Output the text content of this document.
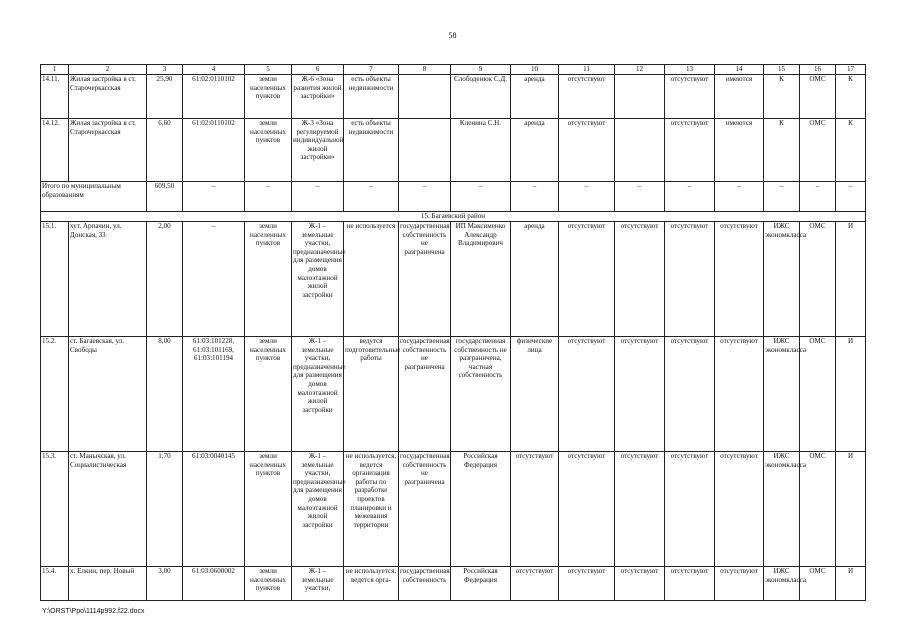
58
1	2	3	4	5	6	7	8	9	10	11	12	13	14	15	16	17
14.11.	Жилая застройка в ст. Старочеркасская	25,90	61:02:0110102	земли населенных пунктов	Ж-6 «Зона развития жилой застройки»	есть объекты недвижимости		Слободенюк С.Д.	аренда	отсутствуют		отсутствуют	имеются	К	ОМС	К
14.12.	Жилая застройка в ст. Старочеркасская	6,60	61:02:0110102	земли населенных пунктов	Ж-3 «Зона регулируемой индивидуальной жилой застройки»	есть объекты недвижимости		Кленина С.Н.	аренда	отсутствуют		отсутствуют	имеются	К	ОМС	К
Итого по муниципальным образованиям		609,50	–	–	–	–	–	–	–	–	–	–	–	–	–	–
15. Багаевский район																
15.1.	хут. Арпачин, ул. Донская, 33	2,00	–	земли населенных пунктов	Ж-1 – земельные участки, предназначенные для размещения домов малоэтажной жилой застройки	не используется	государственная собственность не разграничена	ИП Максименко Александр Владимирович	аренда	отсутствуют	отсутствуют	отсутствуют	отсутствуют	ИЖС экономкласса	ОМС	И
15.2.	ст. Багаевская, ул. Свободы	8,00	61:03:101228, 61:03:101169, 61:03:101194	земли населенных пунктов	Ж-1 – земельные участки, предназначенные для размещения домов малоэтажной жилой застройки	ведутся подготовительные работы	государственная собственность не разграничена	государственная собственность не разграничена, частная собственность	физические лица	отсутствуют	отсутствуют	отсутствуют	отсутствуют	ИЖС экономкласса	ОМС	И
15.3.	ст. Манычская, ул. Социалистическая	1,70	61:03:0040145	земли населенных пунктов	Ж-1 – земельные участки, предназначенные для размещения домов малоэтажной жилой застройки	не используется, ведется организация работы по разработке проектов планировки и межевания территории	государственная собственность не разграничена	Российская Федерация	отсутствуют	отсутствуют	отсутствуют	отсутствуют	отсутствуют	ИЖС экономкласса	ОМС	И
15.4.	х. Елкин, пер. Новый	3,00	61:03:0600002	земли населенных пунктов	Ж-1 – земельные участки,	не используется, ведется орга-	государственная собственность	Российская Федерация	отсутствуют	отсутствуют	отсутствуют	отсутствуют	отсутствуют	ИЖС экономкласса	ОМС	И
Y:\ORST\Ppo\1114p992.f22.docx
